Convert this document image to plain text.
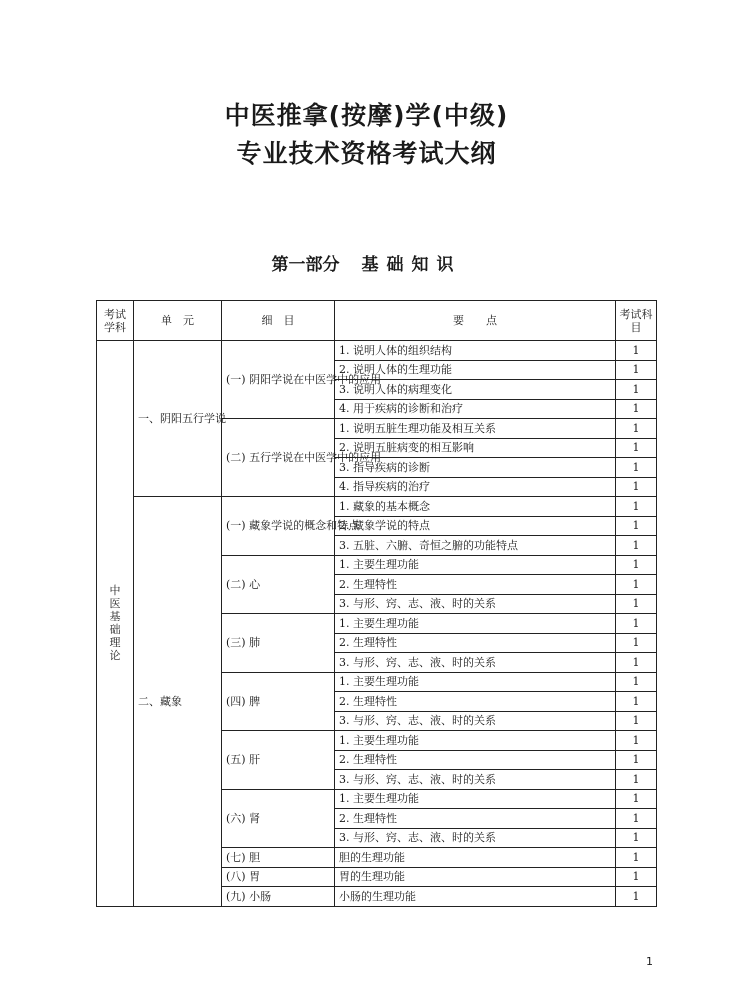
中医推拿(按摩)学(中级)
专业技术资格考试大纲
第一部分 基础知识
考试学科	单　元	细　目	要　　点	考试科目
中医基础理论	一、阴阳五行学说	(一) 阴阳学说在中医学中的应用	1. 说明人体的组织结构	1
			2. 说明人体的生理功能	1
			3. 说明人体的病理变化	1
			4. 用于疾病的诊断和治疗	1
		(二) 五行学说在中医学中的应用	1. 说明五脏生理功能及相互关系	1
			2. 说明五脏病变的相互影响	1
			3. 指导疾病的诊断	1
			4. 指导疾病的治疗	1
	二、藏象	(一) 藏象学说的概念和特点	1. 藏象的基本概念	1
			2. 藏象学说的特点	1
			3. 五脏、六腑、奇恒之腑的功能特点	1
		(二) 心	1. 主要生理功能	1
			2. 生理特性	1
			3. 与形、窍、志、液、时的关系	1
		(三) 肺	1. 主要生理功能	1
			2. 生理特性	1
			3. 与形、窍、志、液、时的关系	1
		(四) 脾	1. 主要生理功能	1
			2. 生理特性	1
			3. 与形、窍、志、液、时的关系	1
		(五) 肝	1. 主要生理功能	1
			2. 生理特性	1
			3. 与形、窍、志、液、时的关系	1
		(六) 肾	1. 主要生理功能	1
			2. 生理特性	1
			3. 与形、窍、志、液、时的关系	1
		(七) 胆	胆的生理功能	1
		(八) 胃	胃的生理功能	1
		(九) 小肠	小肠的生理功能	1
1
